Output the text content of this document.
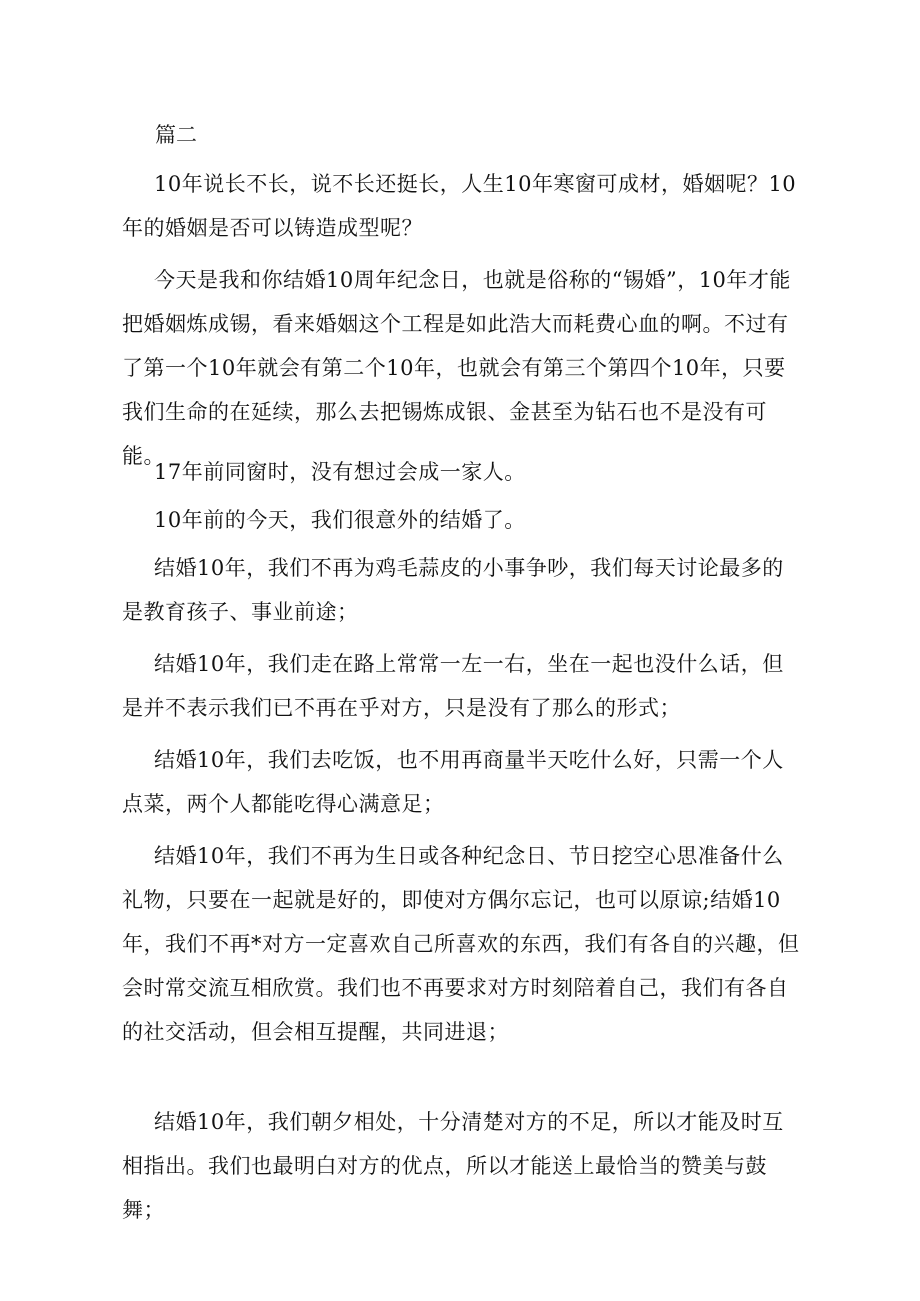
篇二

10年说长不长，说不长还挺长，人生10年寒窗可成材，婚姻呢？10年的婚姻是否可以铸造成型呢？

今天是我和你结婚10周年纪念日，也就是俗称的“锡婚”，10年才能把婚姻炼成锡，看来婚姻这个工程是如此浩大而耗费心血的啊。不过有了第一个10年就会有第二个10年，也就会有第三个第四个10年，只要我们生命的在延续，那么去把锡炼成银、金甚至为钻石也不是没有可能。

17年前同窗时，没有想过会成一家人。

10年前的今天，我们很意外的结婚了。

结婚10年，我们不再为鸡毛蒜皮的小事争吵，我们每天讨论最多的是教育孩子、事业前途；

结婚10年，我们走在路上常常一左一右，坐在一起也没什么话，但是并不表示我们已不再在乎对方，只是没有了那么的形式；

结婚10年，我们去吃饭，也不用再商量半天吃什么好，只需一个人点菜，两个人都能吃得心满意足；

结婚10年，我们不再为生日或各种纪念日、节日挖空心思准备什么礼物，只要在一起就是好的，即使对方偶尔忘记，也可以原谅;结婚10年，我们不再*对方一定喜欢自己所喜欢的东西，我们有各自的兴趣，但会时常交流互相欣赏。我们也不再要求对方时刻陪着自己，我们有各自的社交活动，但会相互提醒，共同进退；

结婚10年，我们朝夕相处，十分清楚对方的不足，所以才能及时互相指出。我们也最明白对方的优点，所以才能送上最恰当的赞美与鼓舞；
